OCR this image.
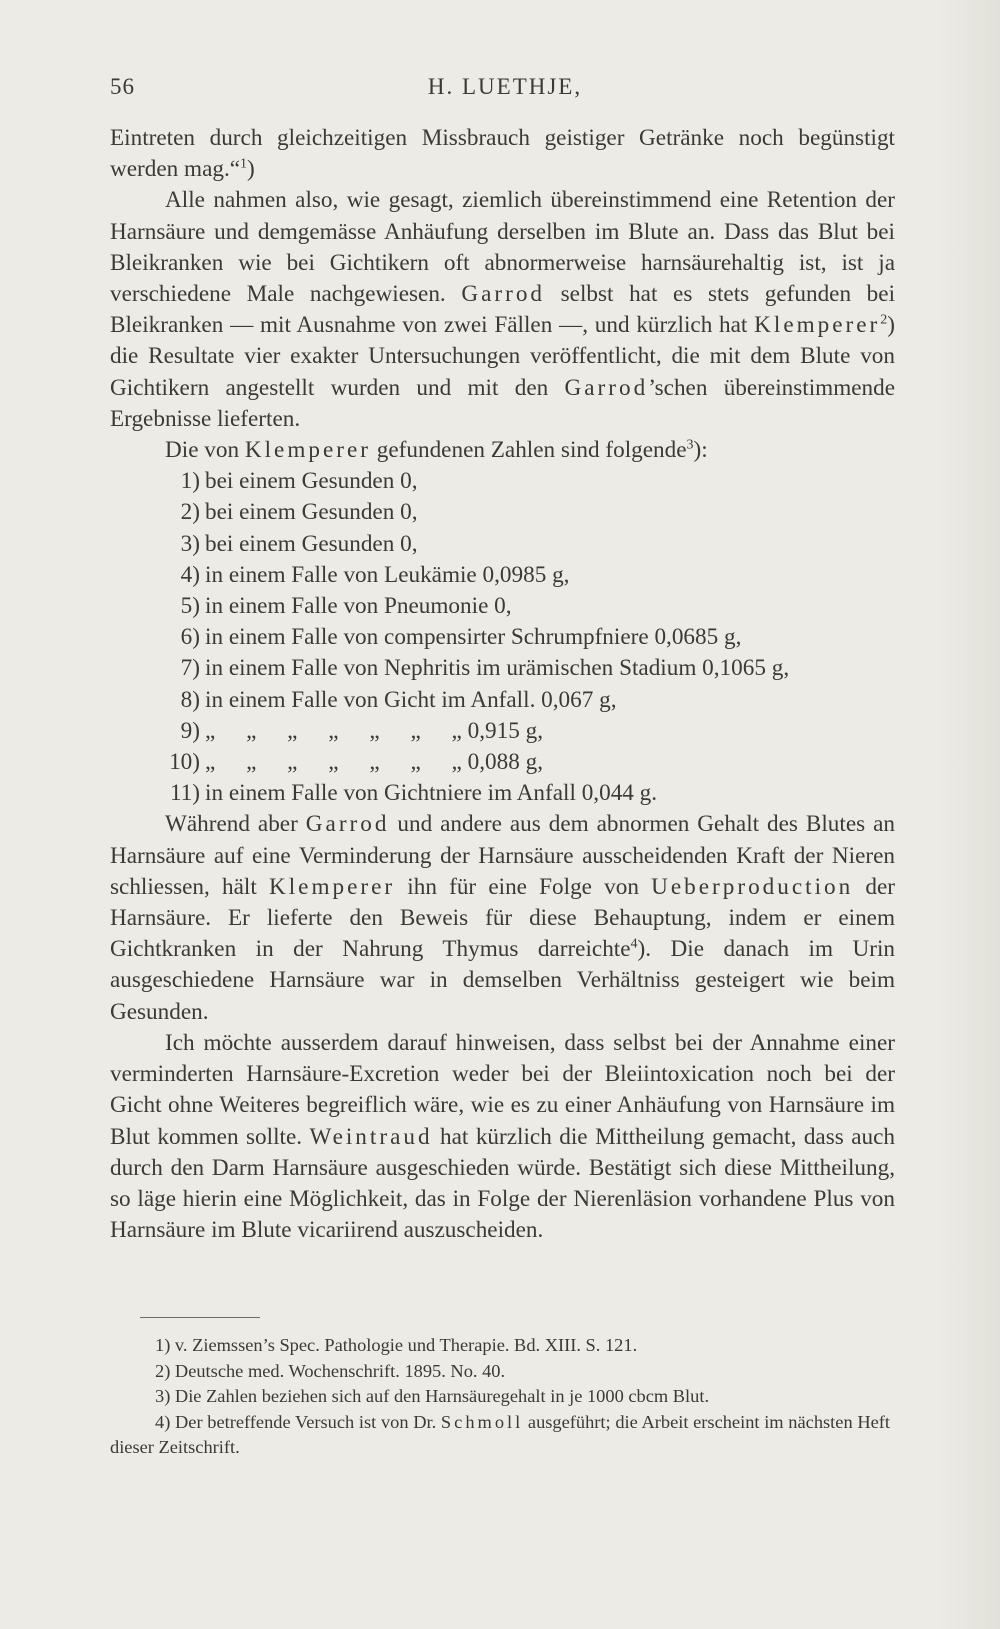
56	H. LUETHJE,

Eintreten durch gleichzeitigen Missbrauch geistiger Getränke noch begünstigt werden mag.“$^1$)

Alle nahmen also, wie gesagt, ziemlich übereinstimmend eine Retention der Harnsäure und demgemässe Anhäufung derselben im Blute an. Dass das Blut bei Bleikranken wie bei Gichtikern oft abnormerweise harnsäurehaltig ist, ist ja verschiedene Male nachgewiesen. Garrod selbst hat es stets gefunden bei Bleikranken — mit Ausnahme von zwei Fällen —, und kürzlich hat Klemperer$^2$) die Resultate vier exakter Untersuchungen veröffentlicht, die mit dem Blute von Gichtikern angestellt wurden und mit den Garrod’schen übereinstimmende Ergebnisse lieferten.

Die von Klemperer gefundenen Zahlen sind folgende$^3$):

1) bei einem Gesunden 0,
2) bei einem Gesunden 0,
3) bei einem Gesunden 0,
4) in einem Falle von Leukämie 0,0985 g,
5) in einem Falle von Pneumonie 0,
6) in einem Falle von compensirter Schrumpfniere 0,0685 g,
7) in einem Falle von Nephritis im urämischen Stadium 0,1065 g,
8) in einem Falle von Gicht im Anfall. 0,067 g,
9) „ „ „ „ „ „ „ 0,915 g,
10) „ „ „ „ „ „ „ 0,088 g,
11) in einem Falle von Gichtniere im Anfall 0,044 g.

Während aber Garrod und andere aus dem abnormen Gehalt des Blutes an Harnsäure auf eine Verminderung der Harnsäure ausscheidenden Kraft der Nieren schliessen, hält Klemperer ihn für eine Folge von Ueberproduction der Harnsäure. Er lieferte den Beweis für diese Behauptung, indem er einem Gichtkranken in der Nahrung Thymus darreichte$^4$). Die danach im Urin ausgeschiedene Harnsäure war in demselben Verhältniss gesteigert wie beim Gesunden.

Ich möchte ausserdem darauf hinweisen, dass selbst bei der Annahme einer verminderten Harnsäure-Excretion weder bei der Bleiintoxication noch bei der Gicht ohne Weiteres begreiflich wäre, wie es zu einer Anhäufung von Harnsäure im Blut kommen sollte. Weintraud hat kürzlich die Mittheilung gemacht, dass auch durch den Darm Harnsäure ausgeschieden würde. Bestätigt sich diese Mittheilung, so läge hierin eine Möglichkeit, das in Folge der Nierenläsion vorhandene Plus von Harnsäure im Blute vicariirend auszuscheiden.

1) v. Ziemssen’s Spec. Pathologie und Therapie. Bd. XIII. S. 121.

2) Deutsche med. Wochenschrift. 1895. No. 40.

3) Die Zahlen beziehen sich auf den Harnsäuregehalt in je 1000 cbcm Blut.

4) Der betreffende Versuch ist von Dr. Schmoll ausgeführt; die Arbeit erscheint im nächsten Heft dieser Zeitschrift.
